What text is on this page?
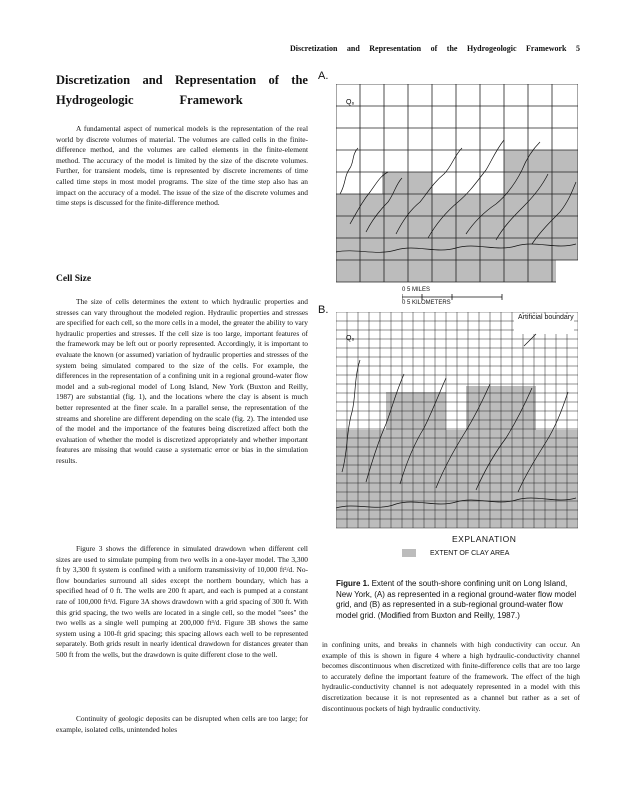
Discretization and Representation of the Hydrogeologic Framework 5
Discretization and Representation of the
Hydrogeologic	Framework

A fundamental aspect of numerical models is the representation of the real world by discrete volumes of material. The volumes are called cells in the finite-difference method, and the volumes are called elements in the finite-element method. The accuracy of the model is limited by the size of the discrete volumes. Further, for transient models, time is represented by discrete increments of time called time steps in most model programs. The size of the time step also has an impact on the accuracy of a model. The issue of the size of the discrete volumes and time steps is discussed for the finite-difference method.

Cell Size

The size of cells determines the extent to which hydraulic properties and stresses can vary throughout the modeled region. Hydraulic properties and stresses are specified for each cell, so the more cells in a model, the greater the ability to vary hydraulic properties and stresses. If the cell size is too large, important features of the framework may be left out or poorly represented. Accordingly, it is important to evaluate the known (or assumed) variation of hydraulic properties and stresses of the system being simulated compared to the size of the cells. For example, the differences in the representation of a confining unit in a regional ground-water flow model and a sub-regional model of Long Island, New York (Buxton and Reilly, 1987) are substantial (fig. 1), and the locations where the clay is absent is much better represented at the finer scale. In a parallel sense, the representation of the streams and shoreline are different depending on the scale (fig. 2). The intended use of the model and the importance of the features being discretized affect both the evaluation of whether the model is discretized appropriately and whether important features are missing that would cause a systematic error or bias in the simulation results.

Figure 3 shows the difference in simulated drawdown when different cell sizes are used to simulate pumping from two wells in a one-layer model. The 3,300 ft by 3,300 ft system is confined with a uniform transmissivity of 10,000 ft²/d. No-flow boundaries surround all sides except the northern boundary, which has a specified head of 0 ft. The wells are 200 ft apart, and each is pumped at a constant rate of 100,000 ft³/d. Figure 3A shows drawdown with a grid spacing of 300 ft. With this grid spacing, the two wells are located in a single cell, so the model "sees" the two wells as a single well pumping at 200,000 ft³/d. Figure 3B shows the same system using a 100-ft grid spacing; this spacing allows each well to be represented separately. Both grids result in nearly identical drawdown for distances greater than 500 ft from the wells, but the drawdown is quite different close to the well.

Continuity of geologic deposits can be disrupted when cells are too large; for example, isolated cells, unintended holes

in confining units, and breaks in channels with high conductivity can occur. An example of this is shown in figure 4 where a high hydraulic-conductivity channel becomes discontinuous when discretized with finite-difference cells that are too large to accurately define the important feature of the framework. The effect of the high hydraulic-conductivity channel is not adequately represented in a model with this discretization because it is not represented as a channel but rather as a set of discontinuous pockets of high hydraulic conductivity.

A.
B.
Q₆
0 5 MILES
0 5 KILOMETERS
Q₆
Artificial boundary
EXPLANATION
EXTENT OF CLAY AREA
Figure 1. Extent of the south-shore confining unit on Long Island, New York, (A) as represented in a regional ground-water flow model grid, and (B) as represented in a sub-regional ground-water flow model grid. (Modified from Buxton and Reilly, 1987.)
